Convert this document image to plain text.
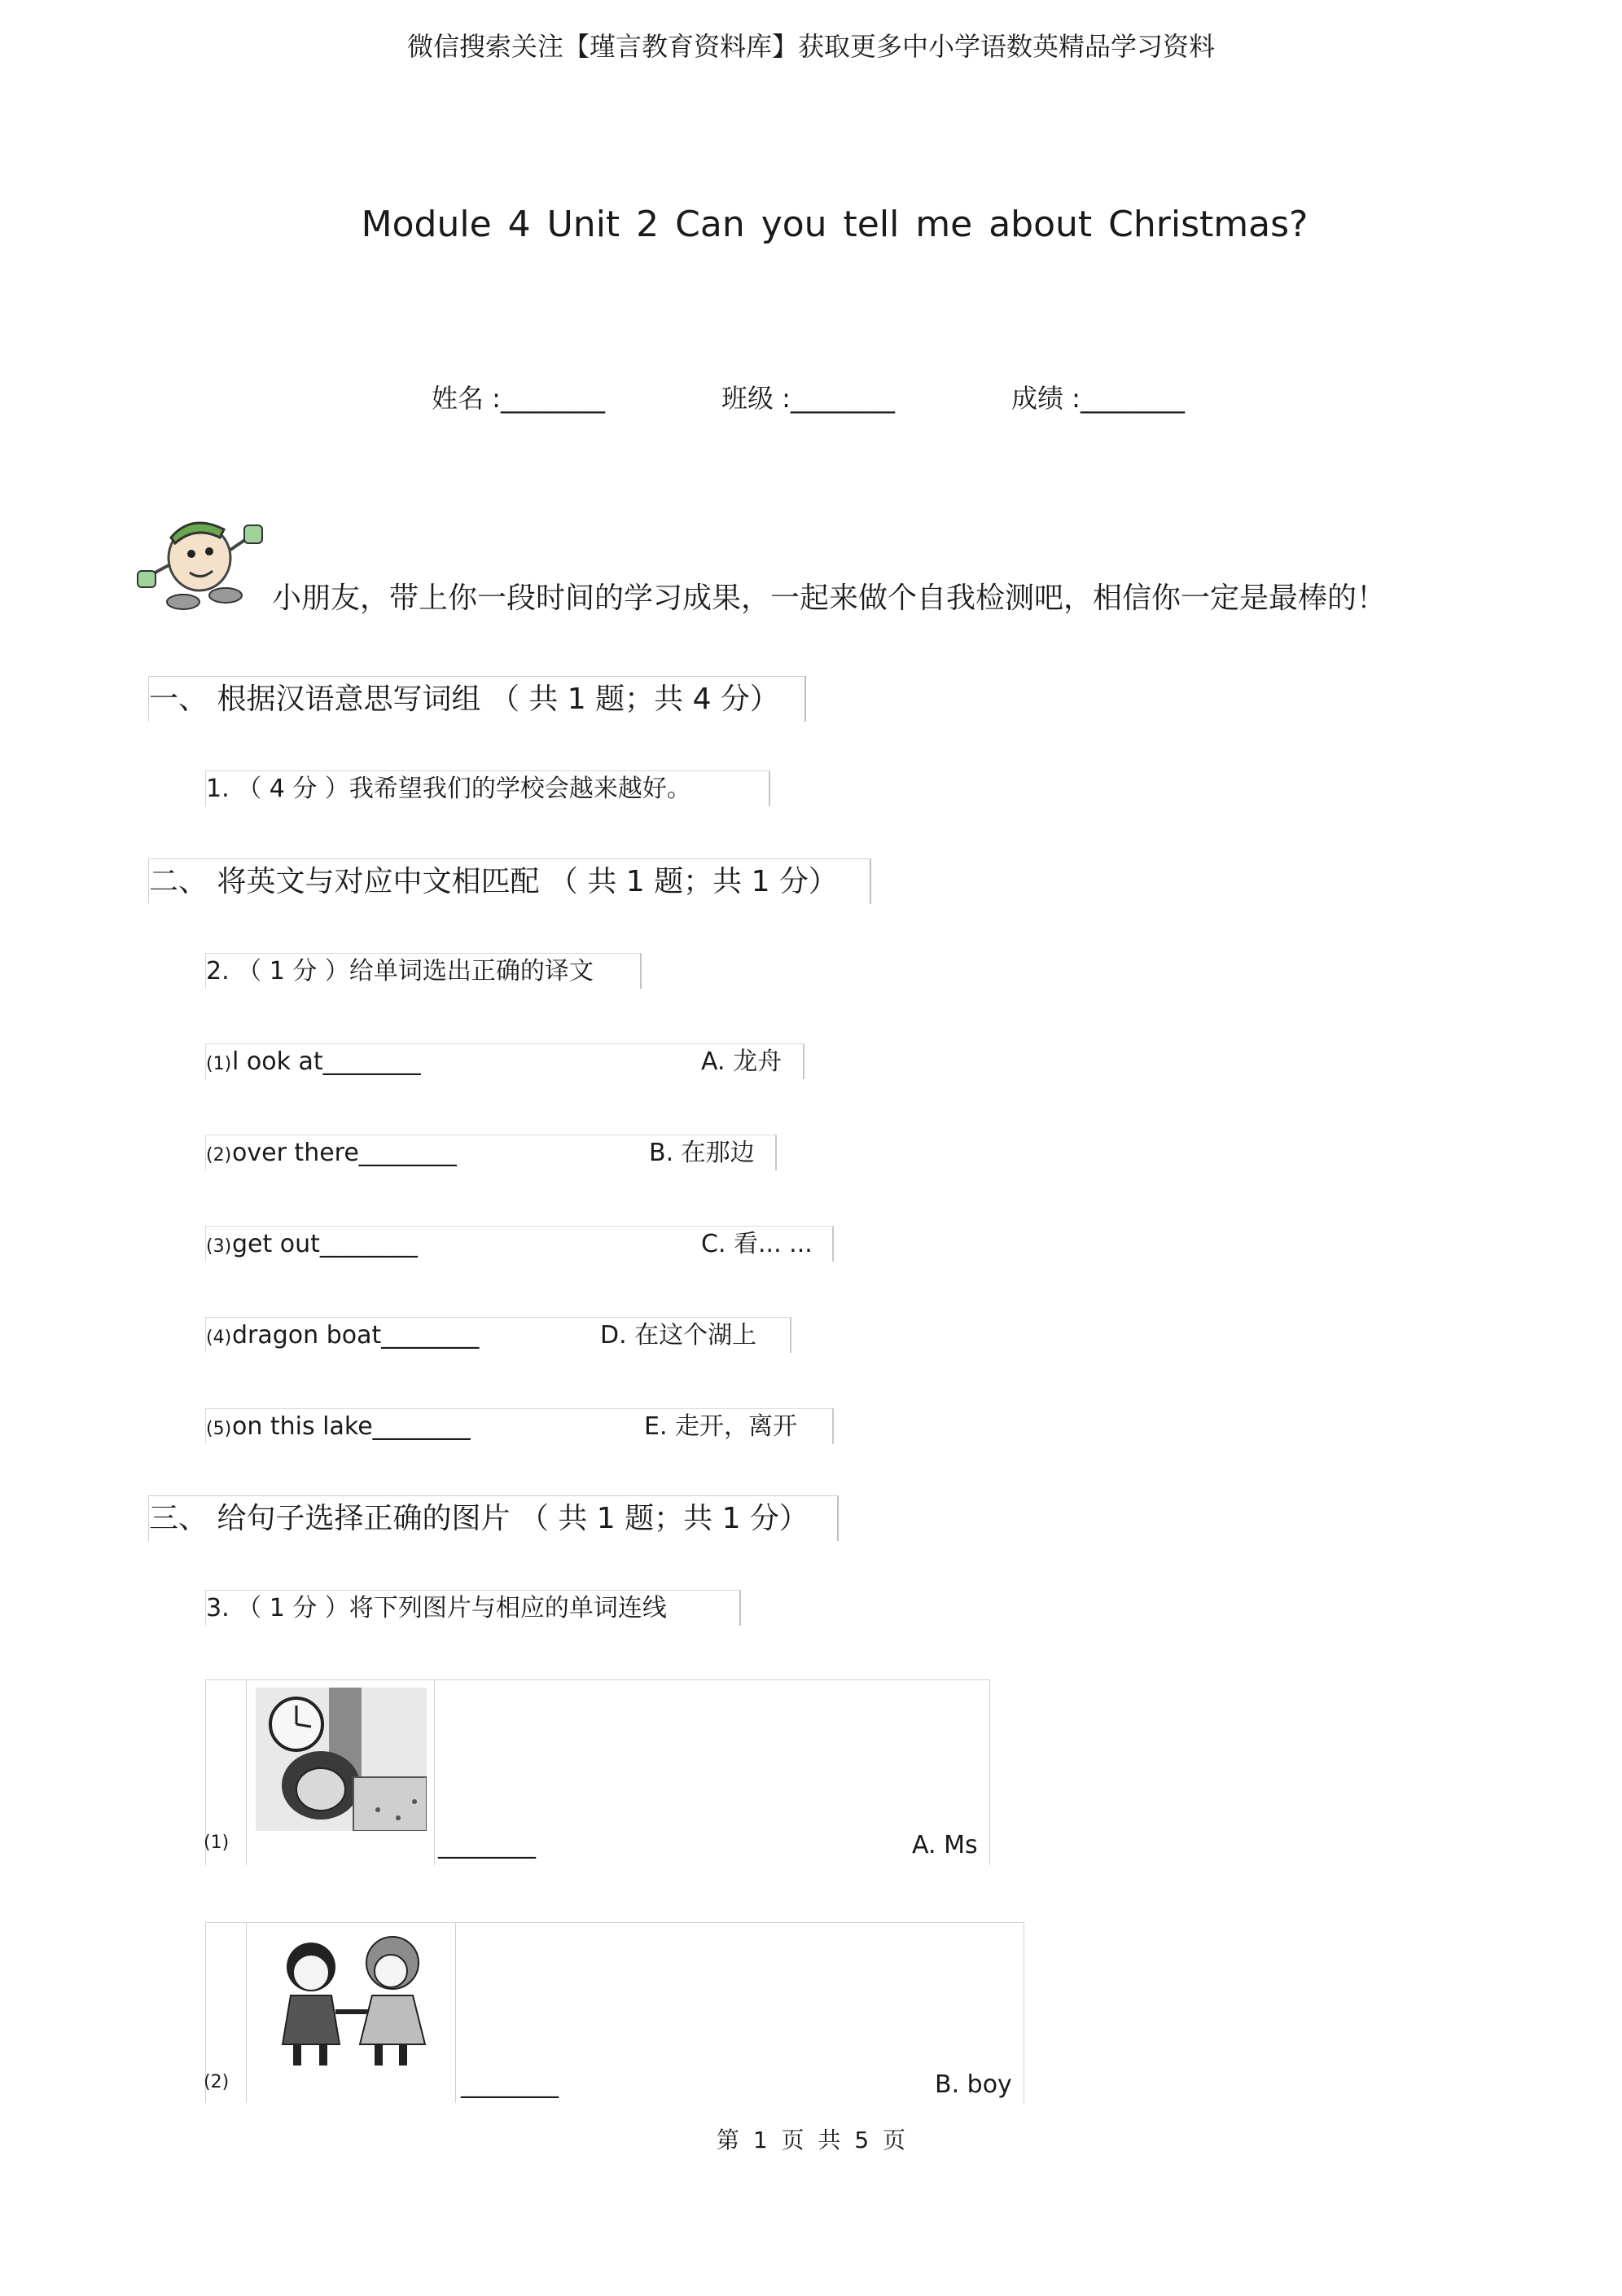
微信搜索关注【瑾言教育资料库】获取更多中小学语数英精品学习资料
Module 4 Unit 2 Can you tell me about Christmas?
姓名 :________	班级 :________	成绩 :________
小朋友，带上你一段时间的学习成果，一起来做个自我检测吧，相信你一定是最棒的！
一、 根据汉语意思写词组 （ 共 1 题；共 4 分）
1. （ 4 分 ）我希望我们的学校会越来越好。
二、 将英文与对应中文相匹配 （ 共 1 题；共 1 分）
2. （ 1 分 ）给单词选出正确的译文
(1)l ook at________	A. 龙舟
(2)over there________	B. 在那边
(3)get out________	C. 看... ...
(4)dragon boat________	D. 在这个湖上
(5)on this lake________	E. 走开，离开
三、 给句子选择正确的图片 （ 共 1 题；共 1 分）
3. （ 1 分 ）将下列图片与相应的单词连线
(1)	________	A. Ms
(2)	________	B. boy
第 1 页 共 5 页
